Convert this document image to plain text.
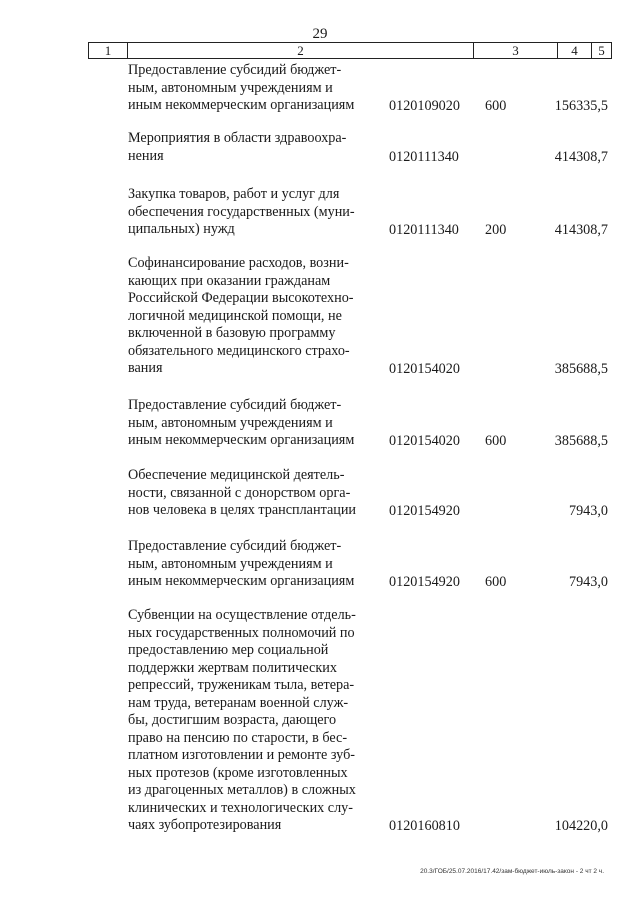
29
1	2	3	4	5
Предоставление субсидий бюджет-
ным, автономным учреждениям и
иным некоммерческим организациям	0120109020 600	156335,5
Мероприятия в области здравоохра-
нения	0120111340	414308,7
Закупка товаров, работ и услуг для
обеспечения государственных (муни-
ципальных) нужд	0120111340 200	414308,7
Софинансирование расходов, возни-
кающих при оказании гражданам
Российской Федерации высокотехно-
логичной медицинской помощи, не
включенной в базовую программу
обязательного медицинского страхо-
вания	0120154020	385688,5
Предоставление субсидий бюджет-
ным, автономным учреждениям и
иным некоммерческим организациям	0120154020 600	385688,5
Обеспечение медицинской деятель-
ности, связанной с донорством орга-
нов человека в целях трансплантации	0120154920	7943,0
Предоставление субсидий бюджет-
ным, автономным учреждениям и
иным некоммерческим организациям	0120154920 600	7943,0
Субвенции на осуществление отдель-
ных государственных полномочий по
предоставлению мер социальной
поддержки жертвам политических
репрессий, труженикам тыла, ветера-
нам труда, ветеранам военной служ-
бы, достигшим возраста, дающего
право на пенсию по старости, в бес-
платном изготовлении и ремонте зуб-
ных протезов (кроме изготовленных
из драгоценных металлов) в сложных
клинических и технологических слу-
чаях зубопротезирования	0120160810	104220,0
20.3/ГОБ/25.07.2016/17.42/зам-бюджет-июль-закон - 2 чт 2 ч.
